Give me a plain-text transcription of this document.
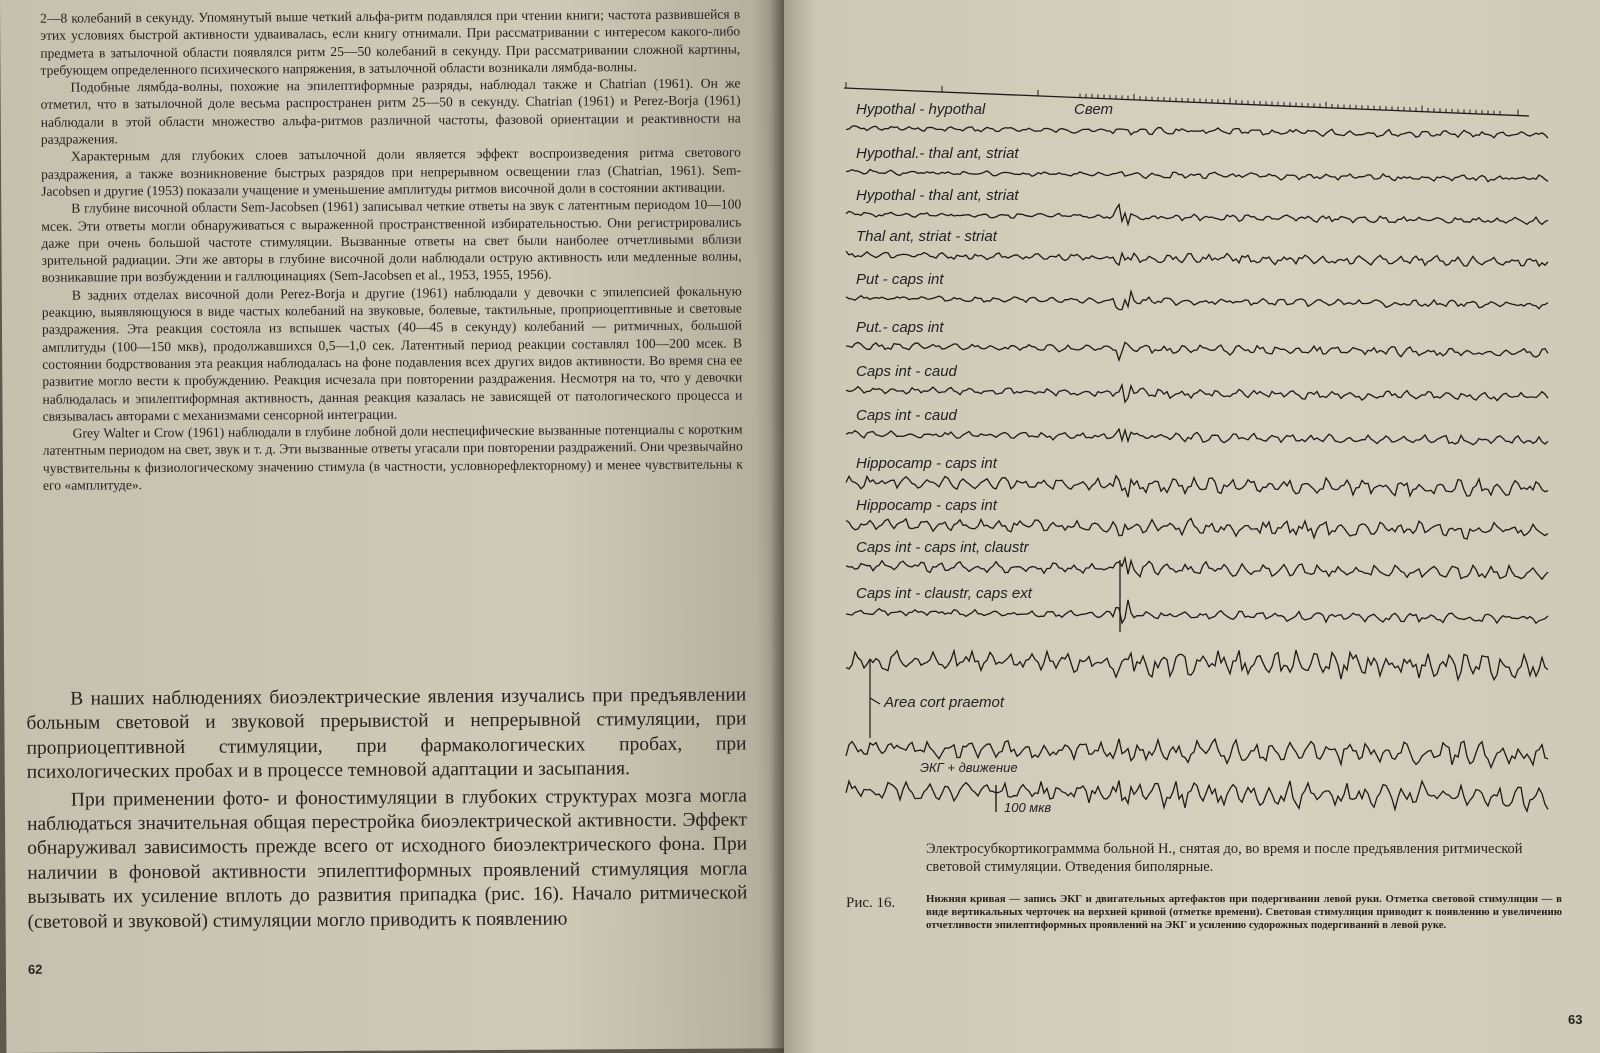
2—8 колебаний в секунду. Упомянутый выше четкий альфа-ритм подавлялся при чтении книги; частота развившейся в этих условиях быстрой активности удваивалась, если книгу отнимали. При рассматривании с интересом какого-либо предмета в затылочной области появлялся ритм 25—50 колебаний в секунду. При рассматривании сложной картины, требующем определенного психического напряжения, в затылочной области возникали лямбда-волны.

Подобные лямбда-волны, похожие на эпилептиформные разряды, наблюдал также и Chatrian (1961). Он же отметил, что в затылочной доле весьма распространен ритм 25—50 в секунду. Chatrian (1961) и Perez-Borja (1961) наблюдали в этой области множество альфа-ритмов различной частоты, фазовой ориентации и реактивности на раздражения.

Характерным для глубоких слоев затылочной доли является эффект воспроизведения ритма светового раздражения, а также возникновение быстрых разрядов при непрерывном освещении глаз (Chatrian, 1961). Sem-Jacobsen и другие (1953) показали учащение и уменьшение амплитуды ритмов височной доли в состоянии активации.

В глубине височной области Sem-Jacobsen (1961) записывал четкие ответы на звук с латентным периодом 10—100 мсек. Эти ответы могли обнаруживаться с выраженной пространственной избирательностью. Они регистрировались даже при очень большой частоте стимуляции. Вызванные ответы на свет были наиболее отчетливыми вблизи зрительной радиации. Эти же авторы в глубине височной доли наблюдали острую активность или медленные волны, возникавшие при возбуждении и галлюцинациях (Sem-Jacobsen et al., 1953, 1955, 1956).

В задних отделах височной доли Perez-Borja и другие (1961) наблюдали у девочки с эпилепсией фокальную реакцию, выявляющуюся в виде частых колебаний на звуковые, болевые, тактильные, проприоцептивные и световые раздражения. Эта реакция состояла из вспышек частых (40—45 в секунду) колебаний — ритмичных, большой амплитуды (100—150 мкв), продолжавшихся 0,5—1,0 сек. Латентный период реакции составлял 100—200 мсек. В состоянии бодрствования эта реакция наблюдалась на фоне подавления всех других видов активности. Во время сна ее развитие могло вести к пробуждению. Реакция исчезала при повторении раздражения. Несмотря на то, что у девочки наблюдалась и эпилептиформная активность, данная реакция казалась не зависящей от патологического процесса и связывалась авторами с механизмами сенсорной интеграции.

Grey Walter и Crow (1961) наблюдали в глубине лобной доли неспецифические вызванные потенциалы с коротким латентным периодом на свет, звук и т. д. Эти вызванные ответы угасали при повторении раздражений. Они чрезвычайно чувствительны к физиологическому значению стимула (в частности, условнорефлекторному) и менее чувствительны к его «амплитуде».

В наших наблюдениях биоэлектрические явления изучались при предъявлении больным световой и звуковой прерывистой и непрерывной стимуляции, при проприоцептивной стимуляции, при фармакологических пробах, при психологических пробах и в процессе темновой адаптации и засыпания.

При применении фото- и фоностимуляции в глубоких структурах мозга могла наблюдаться значительная общая перестройка биоэлектрической активности. Эффект обнаруживал зависимость прежде всего от исходного биоэлектрического фона. При наличии в фоновой активности эпилептиформных проявлений стимуляция могла вызывать их усиление вплоть до развития припадка (рис. 16). Начало ритмической (световой и звуковой) стимуляции могло приводить к появлению

62
Свет
Hypothal - hypothal
Hypothal.- thal ant, striat
Hypothal - thal ant, striat
Thal ant, striat - striat
Put - caps int
Put.- caps int
Caps int - caud
Caps int - caud
Hippocamp - caps int
Hippocamp - caps int
Caps int - caps int, claustr
Caps int - claustr, caps ext
Area cort praemot
ЭКГ + движение
100 мкв
Электросубкортикограммма больной Н., снятая до, во время и после предъявления ритмической световой стимуляции. Отведения биполярные.
Рис. 16.	Нижняя кривая — запись ЭКГ и двигательных артефактов при подергивании левой руки. Отметка световой стимуляции — в виде вертикальных черточек на верхней кривой (отметке времени). Световая стимуляция приводит к появлению и увеличению отчетливости эпилептиформных проявлений на ЭКГ и усилению судорожных подергиваний в левой руке.
63
